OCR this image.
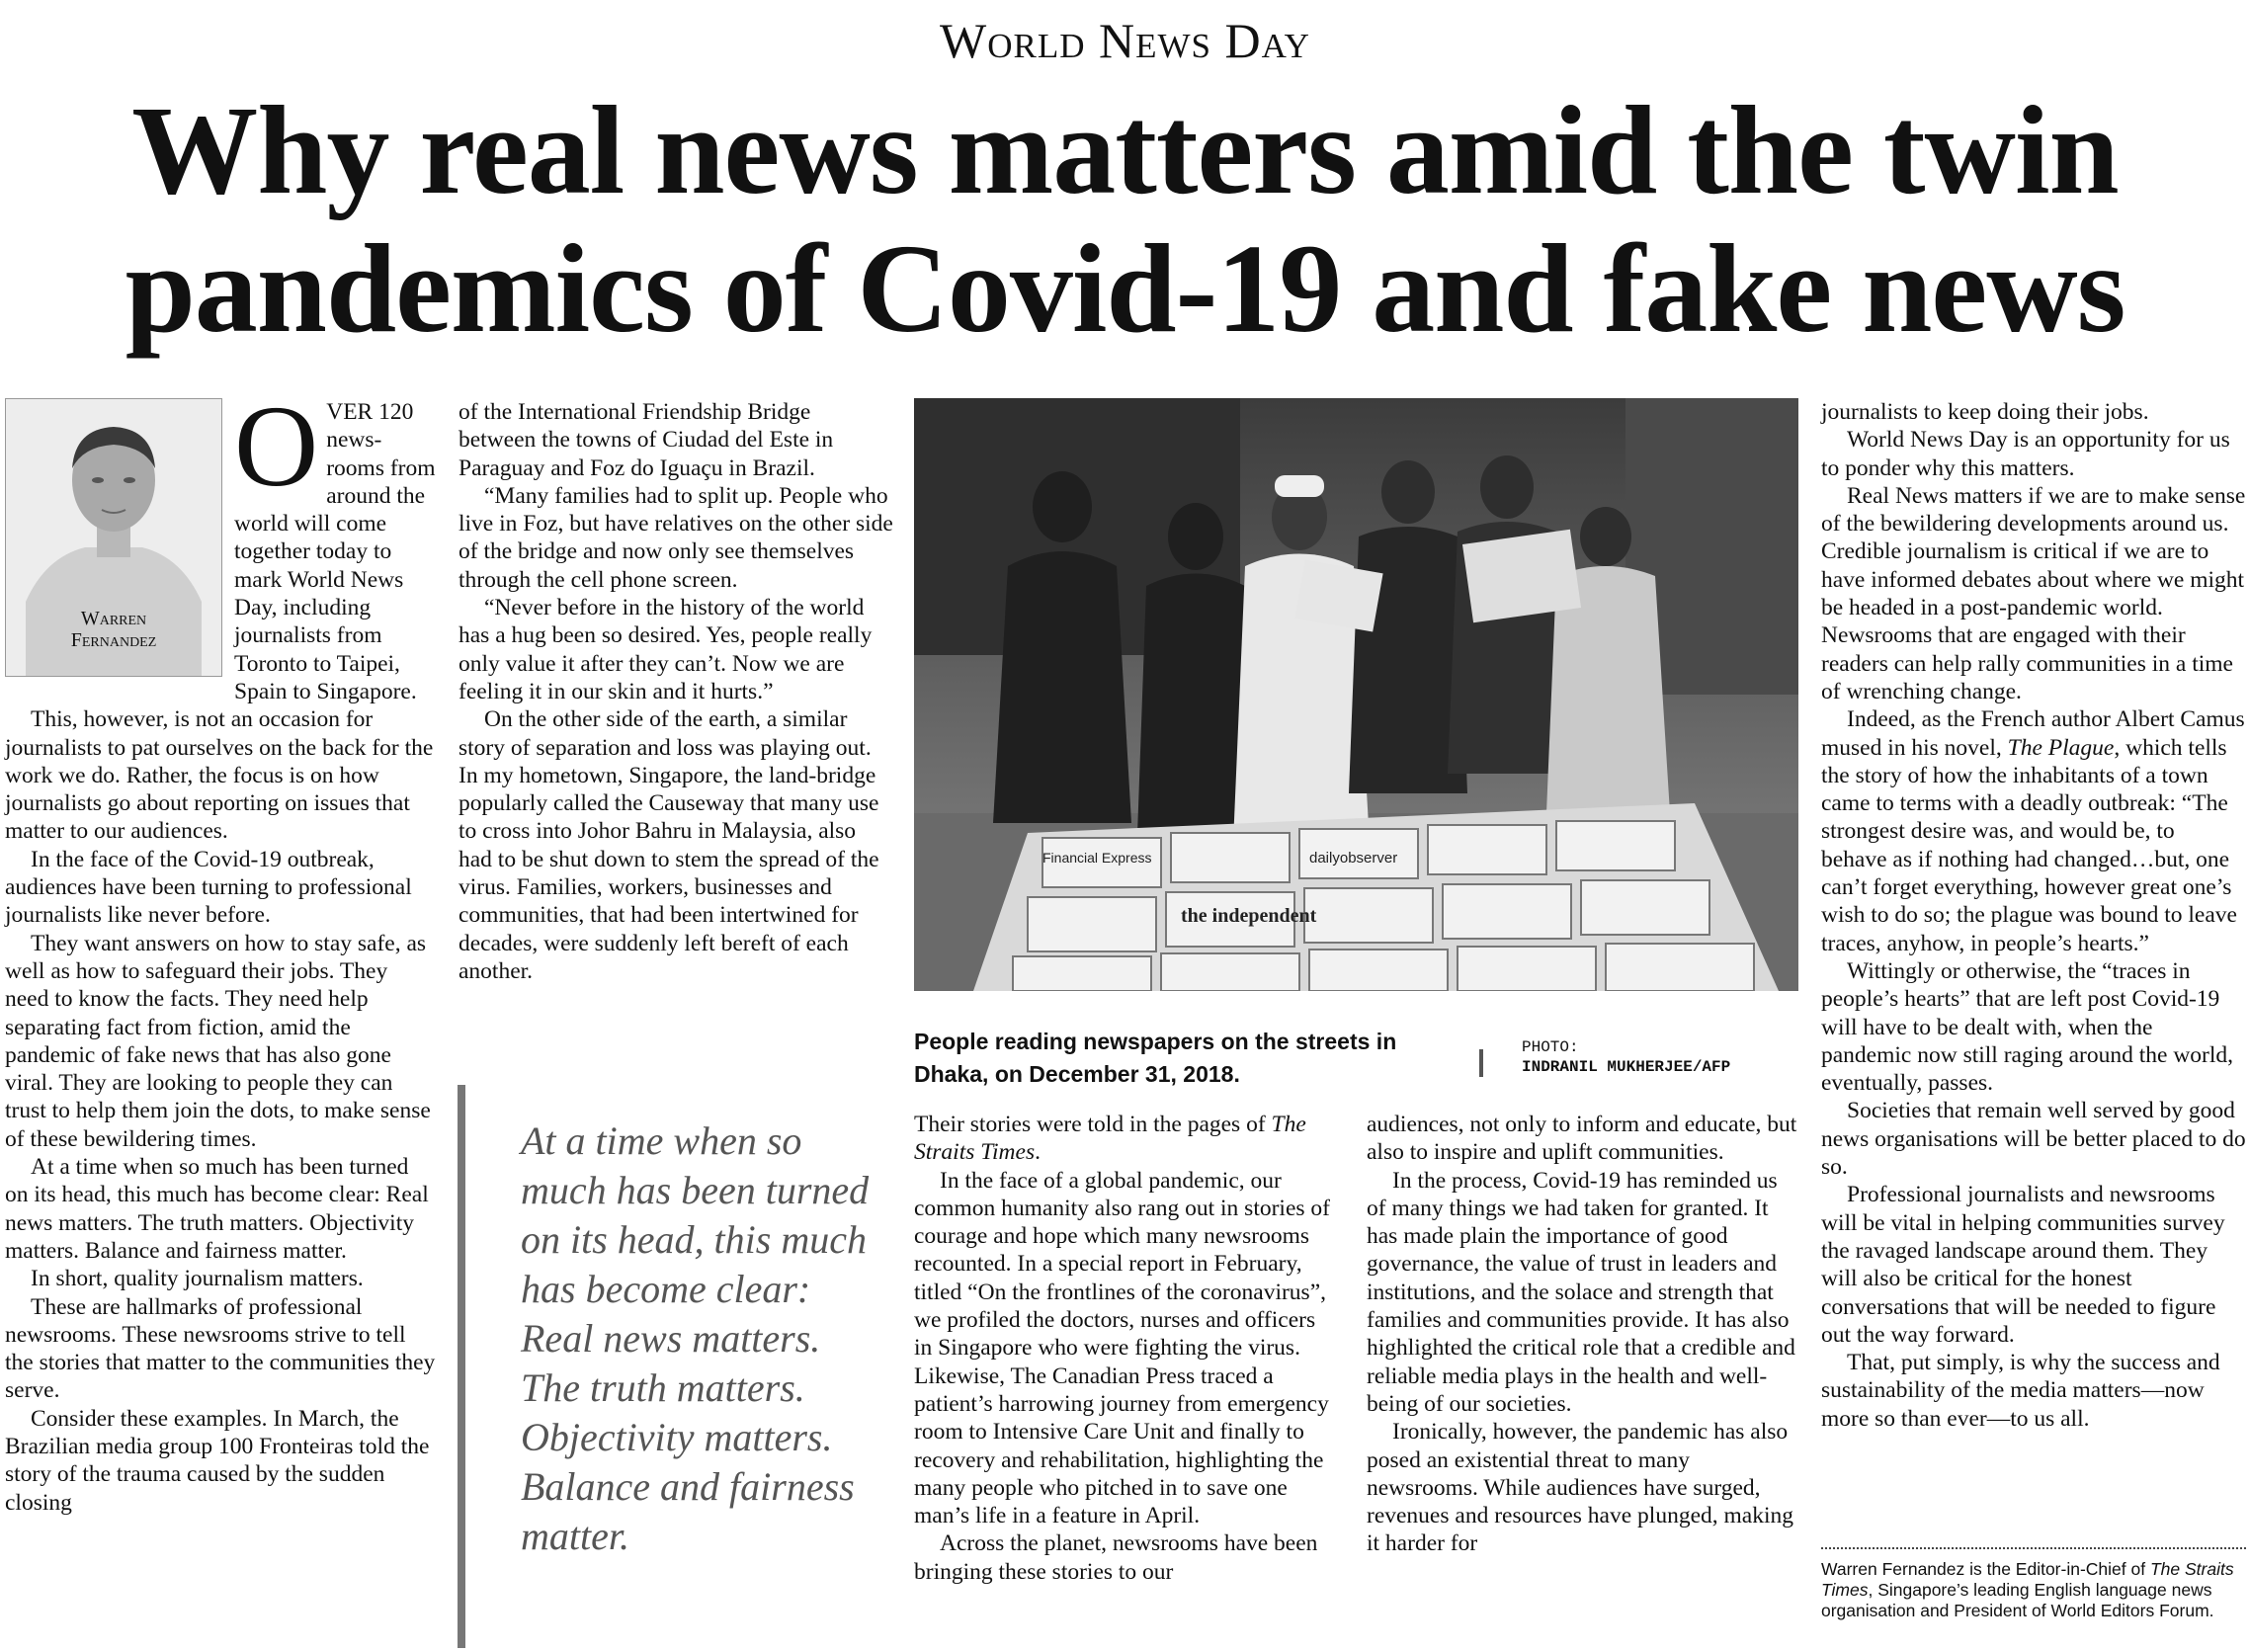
World News Day
Why real news matters amid the twin
pandemics of Covid-19 and fake news
Warren
Fernandez

OVER 120 news-rooms from around the world will come together today to mark World News Day, including journalists from Toronto to Taipei, Spain to Singapore.

This, however, is not an occasion for journalists to pat ourselves on the back for the work we do. Rather, the focus is on how journalists go about reporting on issues that matter to our audiences.

In the face of the Covid-19 outbreak, audiences have been turning to professional journalists like never before.

They want answers on how to stay safe, as well as how to safeguard their jobs. They need to know the facts. They need help separating fact from fiction, amid the pandemic of fake news that has also gone viral. They are looking to people they can trust to help them join the dots, to make sense of these bewildering times.

At a time when so much has been turned on its head, this much has become clear: Real news matters. The truth matters. Objectivity matters. Balance and fairness matter.

In short, quality journalism matters.

These are hallmarks of professional newsrooms. These newsrooms strive to tell the stories that matter to the communities they serve.

Consider these examples. In March, the Brazilian media group 100 Fronteiras told the story of the trauma caused by the sudden closing

of the International Friendship Bridge between the towns of Ciudad del Este in Paraguay and Foz do Iguaçu in Brazil.

“Many families had to split up. People who live in Foz, but have relatives on the other side of the bridge and now only see themselves through the cell phone screen.

“Never before in the history of the world has a hug been so desired. Yes, people really only value it after they can’t. Now we are feeling it in our skin and it hurts.”

On the other side of the earth, a similar story of separation and loss was playing out. In my hometown, Singapore, the land-bridge popularly called the Causeway that many use to cross into Johor Bahru in Malaysia, also had to be shut down to stem the spread of the virus. Families, workers, businesses and communities, that had been intertwined for decades, were suddenly left bereft of each another.

At a time when so much has been turned on its head, this much has become clear: Real news matters. The truth matters. Objectivity matters. Balance and fairness matter.
the independent
dailyobserver
Financial Express
People reading newspapers on the streets in Dhaka, on December 31, 2018.
PHOTO:
INDRANIL MUKHERJEE/AFP

Their stories were told in the pages of The Straits Times.

In the face of a global pandemic, our common humanity also rang out in stories of courage and hope which many newsrooms recounted. In a special report in February, titled “On the frontlines of the coronavirus”, we profiled the doctors, nurses and officers in Singapore who were fighting the virus. Likewise, The Canadian Press traced a patient’s harrowing journey from emergency room to Intensive Care Unit and finally to recovery and rehabilitation, highlighting the many people who pitched in to save one man’s life in a feature in April.

Across the planet, newsrooms have been bringing these stories to our

audiences, not only to inform and educate, but also to inspire and uplift communities.

In the process, Covid-19 has reminded us of many things we had taken for granted. It has made plain the importance of good governance, the value of trust in leaders and institutions, and the solace and strength that families and communities provide. It has also highlighted the critical role that a credible and reliable media plays in the health and well-being of our societies.

Ironically, however, the pandemic has also posed an existential threat to many newsrooms. While audiences have surged, revenues and resources have plunged, making it harder for

journalists to keep doing their jobs.

World News Day is an opportunity for us to ponder why this matters.

Real News matters if we are to make sense of the bewildering developments around us. Credible journalism is critical if we are to have informed debates about where we might be headed in a post-pandemic world. Newsrooms that are engaged with their readers can help rally communities in a time of wrenching change.

Indeed, as the French author Albert Camus mused in his novel, The Plague, which tells the story of how the inhabitants of a town came to terms with a deadly outbreak: “The strongest desire was, and would be, to behave as if nothing had changed…but, one can’t forget everything, however great one’s wish to do so; the plague was bound to leave traces, anyhow, in people’s hearts.”

Wittingly or otherwise, the “traces in people’s hearts” that are left post Covid-19 will have to be dealt with, when the pandemic now still raging around the world, eventually, passes.

Societies that remain well served by good news organisations will be better placed to do so.

Professional journalists and newsrooms will be vital in helping communities survey the ravaged landscape around them. They will also be critical for the honest conversations that will be needed to figure out the way forward.

That, put simply, is why the success and sustainability of the media matters—now more so than ever—to us all.

Warren Fernandez is the Editor-in-Chief of The Straits Times, Singapore’s leading English language news organisation and President of World Editors Forum.
